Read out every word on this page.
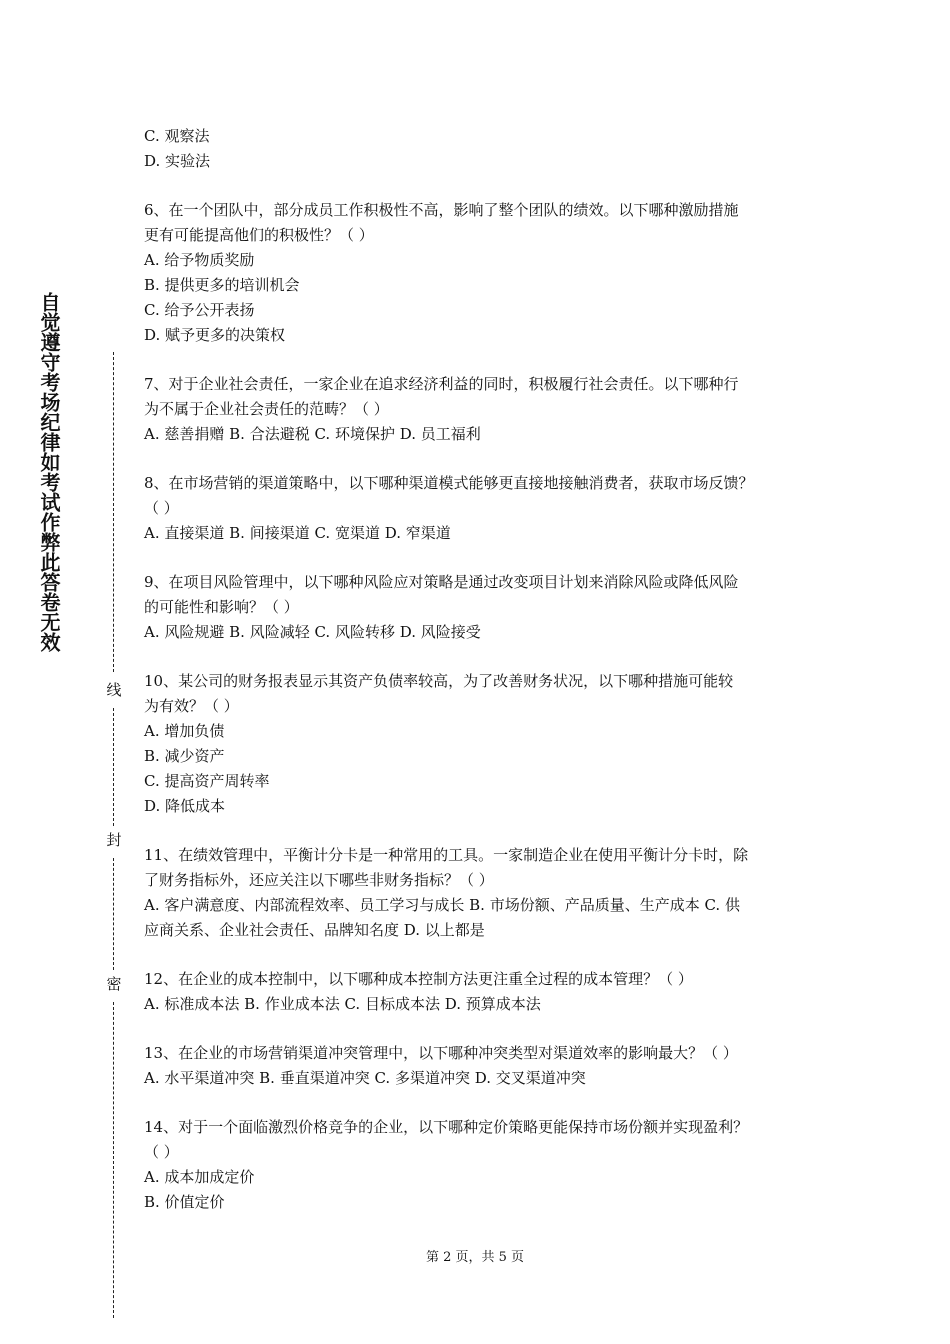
自觉遵守考场纪律如考试作弊此答卷无效
线
封
密
C. 观察法
D. 实验法
6、在一个团队中，部分成员工作积极性不高，影响了整个团队的绩效。以下哪种激励措施
更有可能提高他们的积极性？（ ）
A. 给予物质奖励
B. 提供更多的培训机会
C. 给予公开表扬
D. 赋予更多的决策权
7、对于企业社会责任，一家企业在追求经济利益的同时，积极履行社会责任。以下哪种行
为不属于企业社会责任的范畴？（ ）
A. 慈善捐赠 B. 合法避税 C. 环境保护 D. 员工福利
8、在市场营销的渠道策略中，以下哪种渠道模式能够更直接地接触消费者，获取市场反馈？
（ ）
A. 直接渠道 B. 间接渠道 C. 宽渠道 D. 窄渠道
9、在项目风险管理中，以下哪种风险应对策略是通过改变项目计划来消除风险或降低风险
的可能性和影响？（ ）
A. 风险规避 B. 风险减轻 C. 风险转移 D. 风险接受
10、某公司的财务报表显示其资产负债率较高，为了改善财务状况，以下哪种措施可能较
为有效？（ ）
A. 增加负债
B. 减少资产
C. 提高资产周转率
D. 降低成本
11、在绩效管理中，平衡计分卡是一种常用的工具。一家制造企业在使用平衡计分卡时，除
了财务指标外，还应关注以下哪些非财务指标？（ ）
A. 客户满意度、内部流程效率、员工学习与成长 B. 市场份额、产品质量、生产成本 C. 供
应商关系、企业社会责任、品牌知名度 D. 以上都是
12、在企业的成本控制中，以下哪种成本控制方法更注重全过程的成本管理？（ ）
A. 标准成本法 B. 作业成本法 C. 目标成本法 D. 预算成本法
13、在企业的市场营销渠道冲突管理中，以下哪种冲突类型对渠道效率的影响最大？（ ）
A. 水平渠道冲突 B. 垂直渠道冲突 C. 多渠道冲突 D. 交叉渠道冲突
14、对于一个面临激烈价格竞争的企业，以下哪种定价策略更能保持市场份额并实现盈利？
（ ）
A. 成本加成定价
B. 价值定价
第 2 页，共 5 页
